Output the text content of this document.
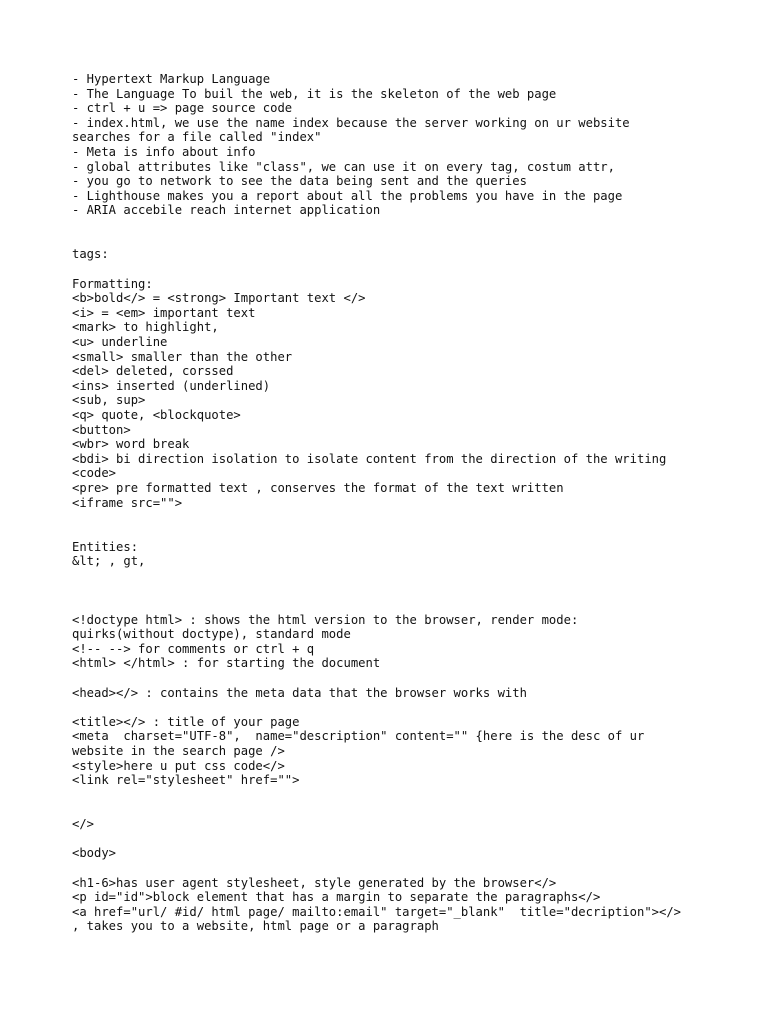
- Hypertext Markup Language
- The Language To buil the web, it is the skeleton of the web page
- ctrl + u => page source code
- index.html, we use the name index because the server working on ur website
searches for a file called "index"
- Meta is info about info
- global attributes like "class", we can use it on every tag, costum attr,
- you go to network to see the data being sent and the queries
- Lighthouse makes you a report about all the problems you have in the page
- ARIA accebile reach internet application
tags:
Formatting:
<b>bold</> = <strong> Important text </>
<i> = <em> important text
<mark> to highlight,
<u> underline
<small> smaller than the other
<del> deleted, corssed
<ins> inserted (underlined)
<sub, sup>
<q> quote, <blockquote>
<button>
<wbr> word break
<bdi> bi direction isolation to isolate content from the direction of the writing
<code>
<pre> pre formatted text , conserves the format of the text written
<iframe src="">
Entities:
&lt; , gt,
<!doctype html> : shows the html version to the browser, render mode:
quirks(without doctype), standard mode
<!-- --> for comments or ctrl + q
<html> </html> : for starting the document
<head></> : contains the meta data that the browser works with
<title></> : title of your page
<meta  charset="UTF-8",  name="description" content="" {here is the desc of ur
website in the search page />
<style>here u put css code</>
<link rel="stylesheet" href="">
</>
<body>
<h1-6>has user agent stylesheet, style generated by the browser</>
<p id="id">block element that has a margin to separate the paragraphs</>
<a href="url/ #id/ html page/ mailto:email" target="_blank"  title="decription"></>
, takes you to a website, html page or a paragraph
